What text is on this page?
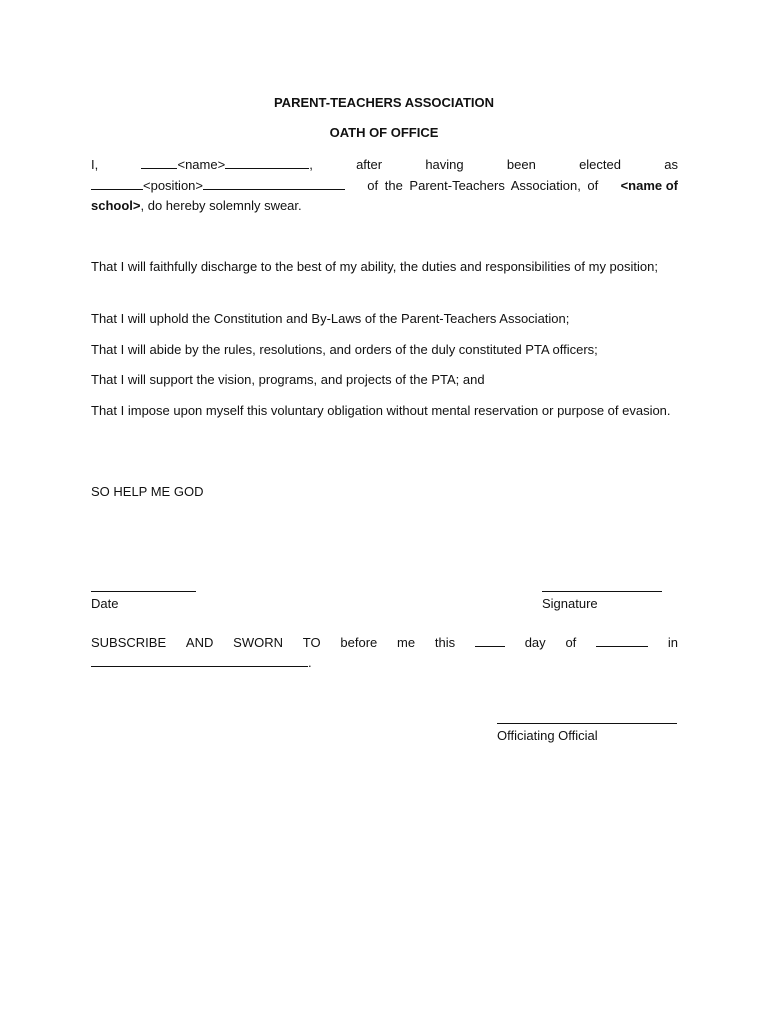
PARENT-TEACHERS ASSOCIATION
OATH OF OFFICE
I,	<name>	,	after	having	been	elected	as
<position>	of the Parent-Teachers Association, of <name of
school>, do hereby solemnly swear.
That I will faithfully discharge to the best of my ability, the duties and responsibilities of my position;
That I will uphold the Constitution and By-Laws of the Parent-Teachers Association;
That I will abide by the rules, resolutions, and orders of the duly constituted PTA officers;
That I will support the vision, programs, and projects of the PTA; and
That I impose upon myself this voluntary obligation without mental reservation or purpose of evasion.
SO HELP ME GOD
Date	Signature
SUBSCRIBE AND SWORN TO before me this	day of	in
.
Officiating Official
